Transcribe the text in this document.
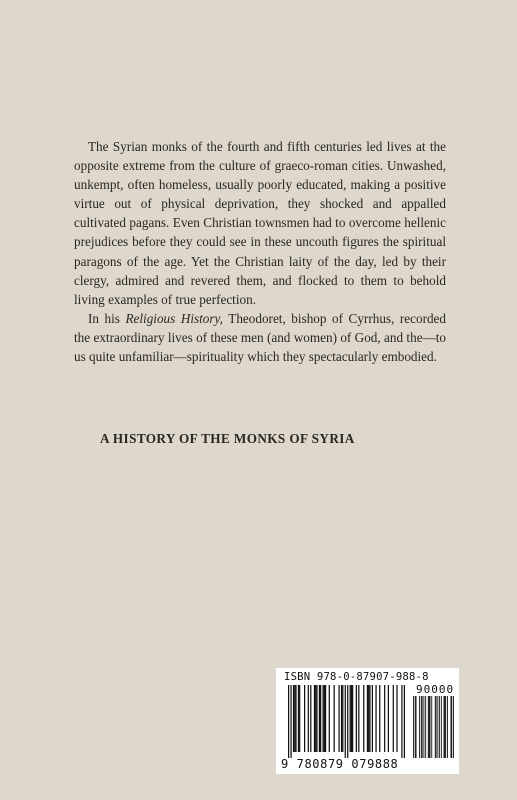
The Syrian monks of the fourth and fifth centuries led lives at the opposite extreme from the culture of graeco-roman cities. Unwashed, unkempt, often homeless, usually poorly educated, making a positive virtue out of physical deprivation, they shocked and appalled cultivated pagans. Even Christian townsmen had to overcome hellenic prejudices before they could see in these uncouth figures the spiritual paragons of the age. Yet the Christian laity of the day, led by their clergy, admired and revered them, and flocked to them to behold living examples of true perfection.

In his Religious History, Theodoret, bishop of Cyrrhus, recorded the extraordinary lives of these men (and women) of God, and the—to us quite unfamiliar—spirituality which they spectacularly embodied.

A HISTORY OF THE MONKS OF SYRIA
ISBN 978-0-87907-988-8
90000
9 780879 079888
